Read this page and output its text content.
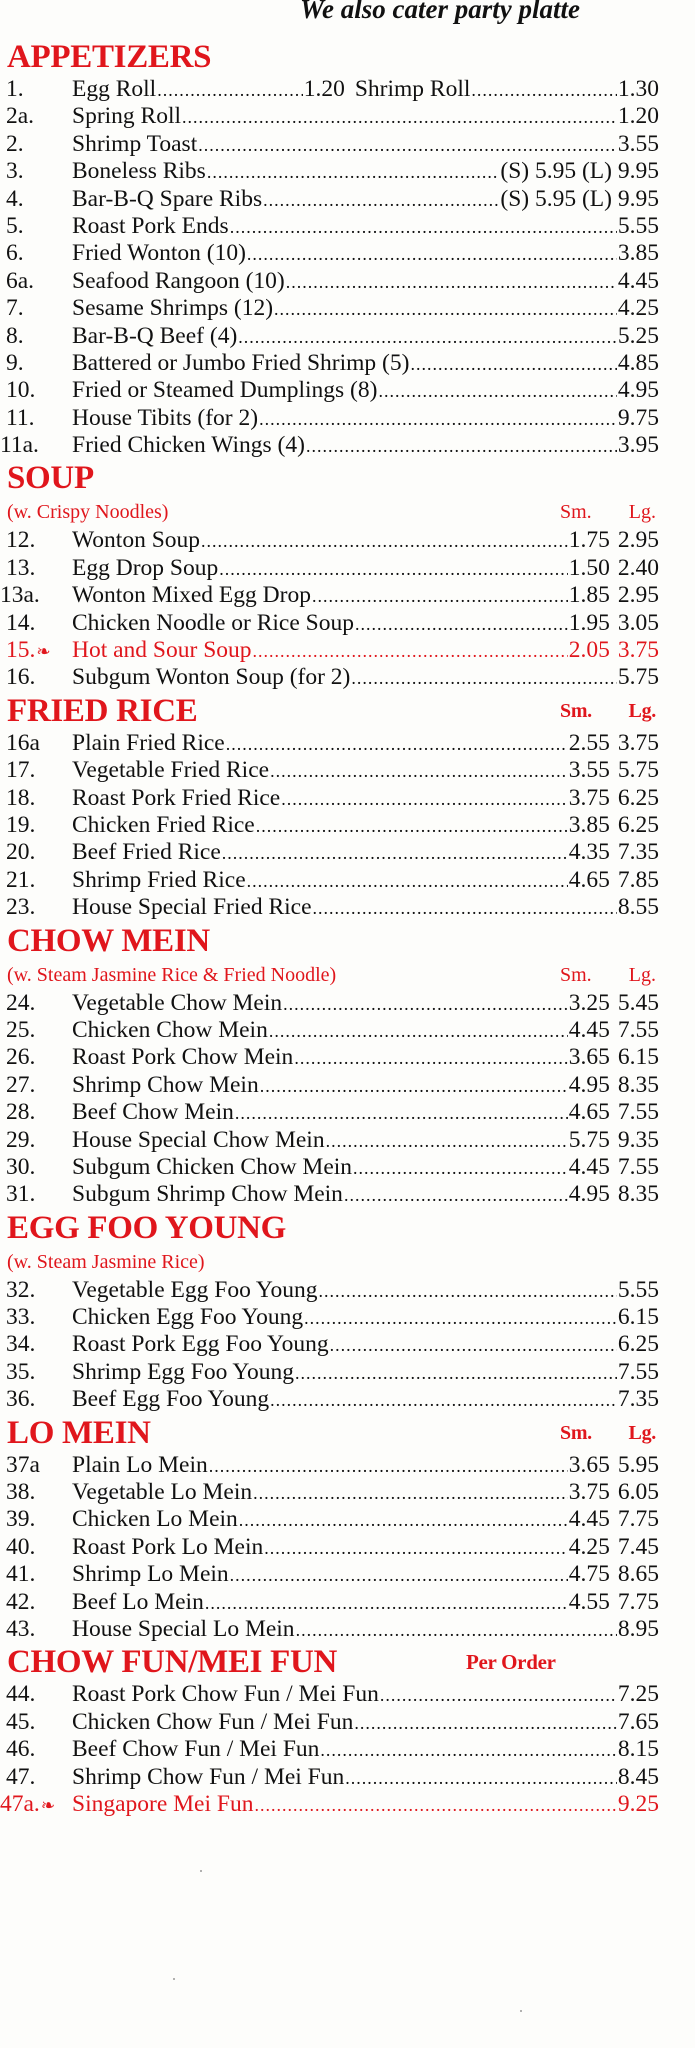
We also cater party platte
APPETIZERS
1.	Egg Roll .....	1.20 Shrimp Roll .....	1.30
2a.	Spring Roll .....	1.20
2.	Shrimp Toast .....	3.55
3.	Boneless Ribs .....	(S) 5.95 (L) 9.95
4.	Bar-B-Q Spare Ribs .....	(S) 5.95 (L) 9.95
5.	Roast Pork Ends .....	5.55
6.	Fried Wonton (10) .....	3.85
6a.	Seafood Rangoon (10) .....	4.45
7.	Sesame Shrimps (12) .....	4.25
8.	Bar-B-Q Beef (4) .....	5.25
9.	Battered or Jumbo Fried Shrimp (5) .....	4.85
10.	Fried or Steamed Dumplings (8) .....	4.95
11.	House Tibits (for 2) .....	9.75
11a.	Fried Chicken Wings (4) .....	3.95
SOUP
(w. Crispy Noodles)	Sm. Lg.
12.	Wonton Soup .....	1.75 2.95
13.	Egg Drop Soup .....	1.50 2.40
13a.	Wonton Mixed Egg Drop .....	1.85 2.95
14.	Chicken Noodle or Rice Soup .....	1.95 3.05
15.❧ Hot and Sour Soup .....	2.05 3.75
16.	Subgum Wonton Soup (for 2) .....	5.75
FRIED RICE	Sm. Lg.
16a	Plain Fried Rice .....	2.55 3.75
17.	Vegetable Fried Rice .....	3.55 5.75
18.	Roast Pork Fried Rice .....	3.75 6.25
19.	Chicken Fried Rice .....	3.85 6.25
20.	Beef Fried Rice .....	4.35 7.35
21.	Shrimp Fried Rice .....	4.65 7.85
23.	House Special Fried Rice .....	8.55
CHOW MEIN
(w. Steam Jasmine Rice & Fried Noodle)	Sm. Lg.
24.	Vegetable Chow Mein .....	3.25 5.45
25.	Chicken Chow Mein .....	4.45 7.55
26.	Roast Pork Chow Mein .....	3.65 6.15
27.	Shrimp Chow Mein .....	4.95 8.35
28.	Beef Chow Mein .....	4.65 7.55
29.	House Special Chow Mein .....	5.75 9.35
30.	Subgum Chicken Chow Mein .....	4.45 7.55
31.	Subgum Shrimp Chow Mein .....	4.95 8.35
EGG FOO YOUNG
(w. Steam Jasmine Rice)
32.	Vegetable Egg Foo Young .....	5.55
33.	Chicken Egg Foo Young .....	6.15
34.	Roast Pork Egg Foo Young .....	6.25
35.	Shrimp Egg Foo Young .....	7.55
36.	Beef Egg Foo Young .....	7.35
LO MEIN	Sm. Lg.
37a	Plain Lo Mein .....	3.65 5.95
38.	Vegetable Lo Mein .....	3.75 6.05
39.	Chicken Lo Mein .....	4.45 7.75
40.	Roast Pork Lo Mein .....	4.25 7.45
41.	Shrimp Lo Mein .....	4.75 8.65
42.	Beef Lo Mein .....	4.55 7.75
43.	House Special Lo Mein .....	8.95
CHOW FUN/MEI FUN	Per Order
44.	Roast Pork Chow Fun / Mei Fun .....	7.25
45.	Chicken Chow Fun / Mei Fun .....	7.65
46.	Beef Chow Fun / Mei Fun .....	8.15
47.	Shrimp Chow Fun / Mei Fun .....	8.45
47a.❧ Singapore Mei Fun .....	9.25
